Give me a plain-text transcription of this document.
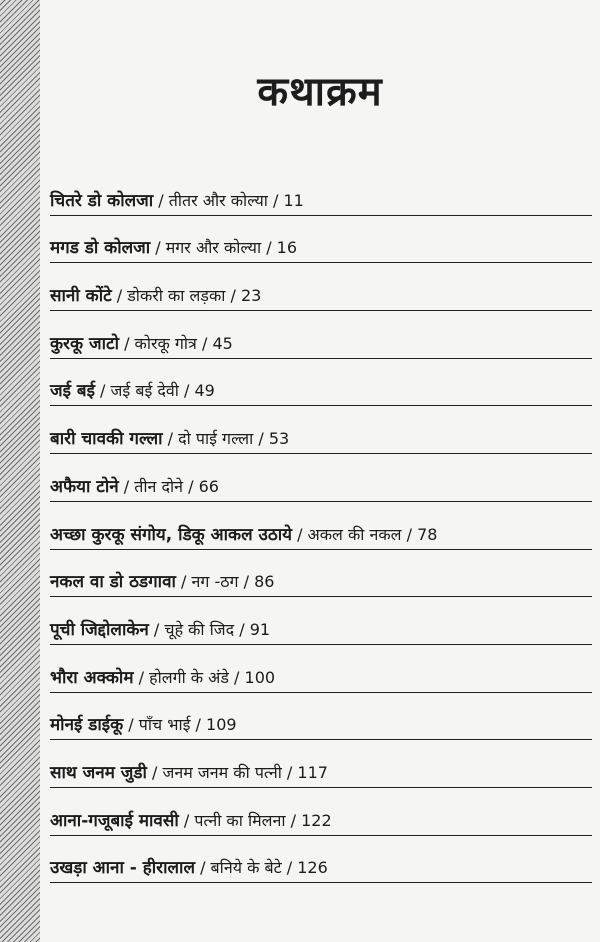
कथाक्रम
चितरे डो कोलजा / तीतर और कोल्या / 11
मगड डो कोलजा / मगर और कोल्या / 16
सानी कोंटे / डोकरी का लड़का / 23
कुरकू जाटो / कोरकू गोत्र / 45
जई बई / जई बई देवी / 49
बारी चावकी गल्ला / दो पाई गल्ला / 53
अफैया टोने / तीन दोने / 66
अच्छा कुरकू संगोय, डिकू आकल उठाये / अकल की नकल / 78
नकल वा डो ठडगावा / नग -ठग / 86
पूची जिद्दोलाकेन / चूहे की जिद / 91
भौरा अक्कोम / होलगी के अंडे / 100
मोनई डाईकू / पाँच भाई / 109
साथ जनम जुडी / जनम जनम की पत्नी / 117
आना-गजूबाई मावसी / पत्नी का मिलना / 122
उखड़ा आना - हीरालाल / बनिये के बेटे / 126
